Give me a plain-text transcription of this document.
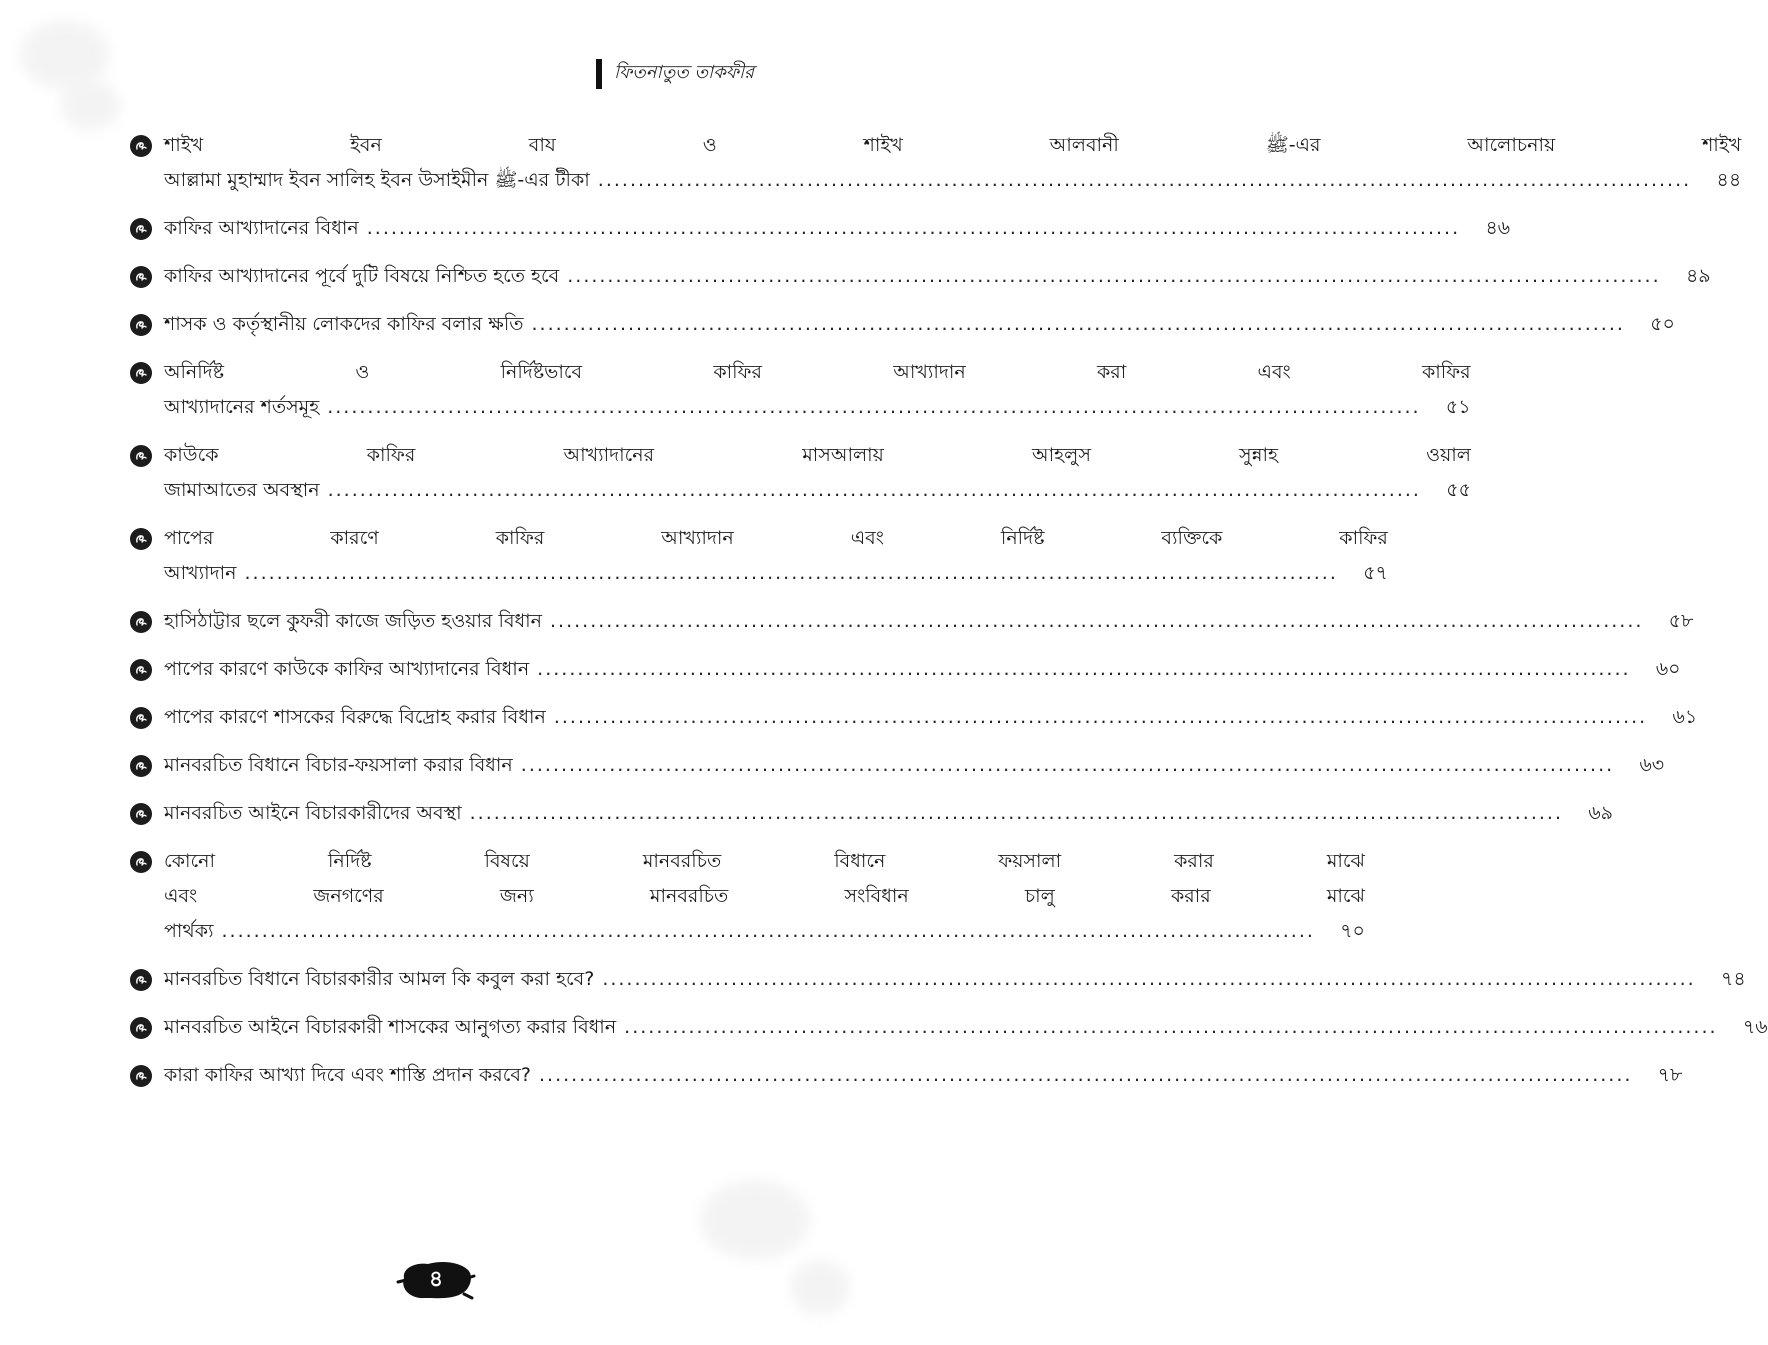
ফিতনাতুত তাকফীর
শাইখ ইবন বায ও শাইখ আলবানী ﷺ-এর আলোচনায় শাইখ
আল্লামা মুহাম্মাদ ইবন সালিহ ইবন উসাইমীন ﷺ-এর টীকা .....	৪৪
কাফির আখ্যাদানের বিধান .....	৪৬
কাফির আখ্যাদানের পূর্বে দুটি বিষয়ে নিশ্চিত হতে হবে .....	৪৯
শাসক ও কর্তৃস্থানীয় লোকদের কাফির বলার ক্ষতি .....	৫০
অনির্দিষ্ট ও নির্দিষ্টভাবে কাফির আখ্যাদান করা এবং কাফির
আখ্যাদানের শর্তসমূহ .....	৫১
কাউকে কাফির আখ্যাদানের মাসআলায় আহলুস সুন্নাহ ওয়াল
জামাআতের অবস্থান .....	৫৫
পাপের কারণে কাফির আখ্যাদান এবং নির্দিষ্ট ব্যক্তিকে কাফির
আখ্যাদান .....	৫৭
হাসিঠাট্টার ছলে কুফরী কাজে জড়িত হওয়ার বিধান .....	৫৮
পাপের কারণে কাউকে কাফির আখ্যাদানের বিধান .....	৬০
পাপের কারণে শাসকের বিরুদ্ধে বিদ্রোহ করার বিধান .....	৬১
মানবরচিত বিধানে বিচার-ফয়সালা করার বিধান .....	৬৩
মানবরচিত আইনে বিচারকারীদের অবস্থা .....	৬৯
কোনো নির্দিষ্ট বিষয়ে মানবরচিত বিধানে ফয়সালা করার মাঝে
এবং জনগণের জন্য মানবরচিত সংবিধান চালু করার মাঝে
পার্থক্য .....	৭০
মানবরচিত বিধানে বিচারকারীর আমল কি কবুল করা হবে? .....	৭৪
মানবরচিত আইনে বিচারকারী শাসকের আনুগত্য করার বিধান .....	৭৬
কারা কাফির আখ্যা দিবে এবং শাস্তি প্রদান করবে? .....	৭৮
৪
